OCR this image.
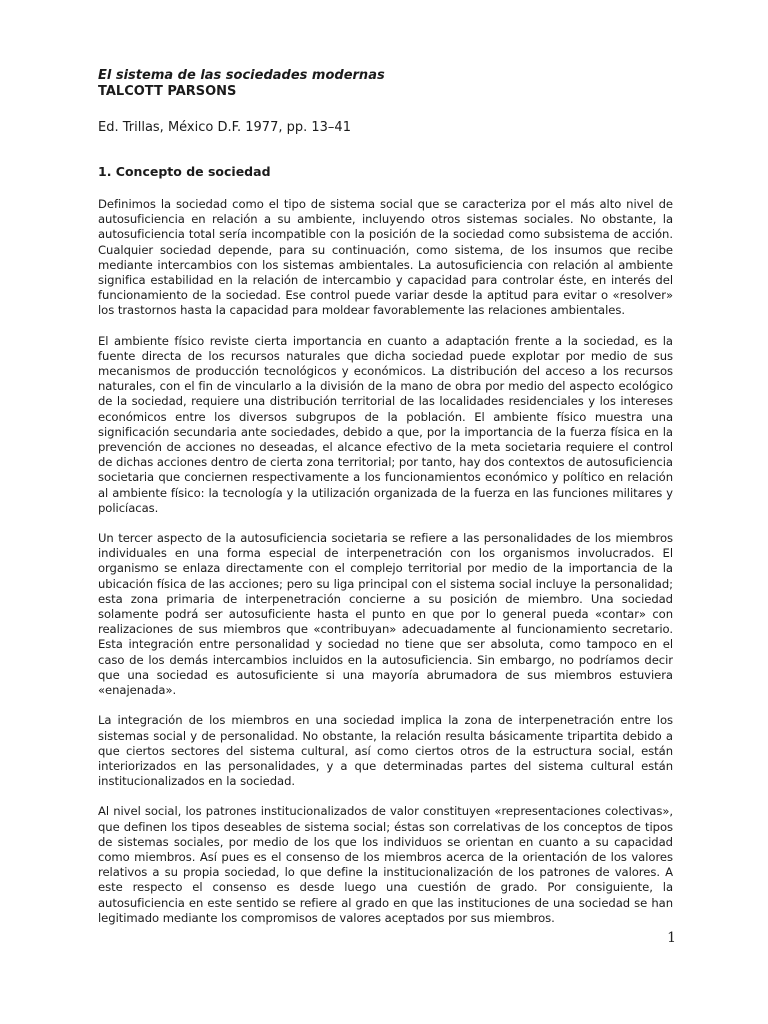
El sistema de las sociedades modernas

TALCOTT PARSONS

Ed. Trillas, México D.F. 1977, pp. 13–41

1. Concepto de sociedad

Definimos la sociedad como el tipo de sistema social que se caracteriza por el más alto nivel de autosuficiencia en relación a su ambiente, incluyendo otros sistemas sociales. No obstante, la autosuficiencia total sería incompatible con la posición de la sociedad como subsistema de acción. Cualquier sociedad depende, para su continuación, como sistema, de los insumos que recibe mediante intercambios con los sistemas ambientales. La autosuficiencia con relación al ambiente significa estabilidad en la relación de intercambio y capacidad para controlar éste, en interés del funcionamiento de la sociedad. Ese control puede variar desde la aptitud para evitar o «resolver» los trastornos hasta la capacidad para moldear favorablemente las relaciones ambientales.

El ambiente físico reviste cierta importancia en cuanto a adaptación frente a la sociedad, es la fuente directa de los recursos naturales que dicha sociedad puede explotar por medio de sus mecanismos de producción tecnológicos y económicos. La distribución del acceso a los recursos naturales, con el fin de vincularlo a la división de la mano de obra por medio del aspecto ecológico de la sociedad, requiere una distribución territorial de las localidades residenciales y los intereses económicos entre los diversos subgrupos de la población. El ambiente físico muestra una significación secundaria ante sociedades, debido a que, por la importancia de la fuerza física en la prevención de acciones no deseadas, el alcance efectivo de la meta societaria requiere el control de dichas acciones dentro de cierta zona territorial; por tanto, hay dos contextos de autosuficiencia societaria que conciernen respectivamente a los funcionamientos económico y político en relación al ambiente físico: la tecnología y la utilización organizada de la fuerza en las funciones militares y policíacas.

Un tercer aspecto de la autosuficiencia societaria se refiere a las personalidades de los miembros individuales en una forma especial de interpenetración con los organismos involucrados. El organismo se enlaza directamente con el complejo territorial por medio de la importancia de la ubicación física de las acciones; pero su liga principal con el sistema social incluye la personalidad; esta zona primaria de interpenetración concierne a su posición de miembro. Una sociedad solamente podrá ser autosuficiente hasta el punto en que por lo general pueda «contar» con realizaciones de sus miembros que «contribuyan» adecuadamente al funcionamiento secretario. Esta integración entre personalidad y sociedad no tiene que ser absoluta, como tampoco en el caso de los demás intercambios incluidos en la autosuficiencia. Sin embargo, no podríamos decir que una sociedad es autosuficiente si una mayoría abrumadora de sus miembros estuviera «enajenada».

La integración de los miembros en una sociedad implica la zona de interpenetración entre los sistemas social y de personalidad. No obstante, la relación resulta básicamente tripartita debido a que ciertos sectores del sistema cultural, así como ciertos otros de la estructura social, están interiorizados en las personalidades, y a que determinadas partes del sistema cultural están institucionalizados en la sociedad.

Al nivel social, los patrones institucionalizados de valor constituyen «representaciones colectivas», que definen los tipos deseables de sistema social; éstas son correlativas de los conceptos de tipos de sistemas sociales, por medio de los que los individuos se orientan en cuanto a su capacidad como miembros. Así pues es el consenso de los miembros acerca de la orientación de los valores relativos a su propia sociedad, lo que define la institucionalización de los patrones de valores. A este respecto el consenso es desde luego una cuestión de grado. Por consiguiente, la autosuficiencia en este sentido se refiere al grado en que las instituciones de una sociedad se han legitimado mediante los compromisos de valores aceptados por sus miembros.

1
